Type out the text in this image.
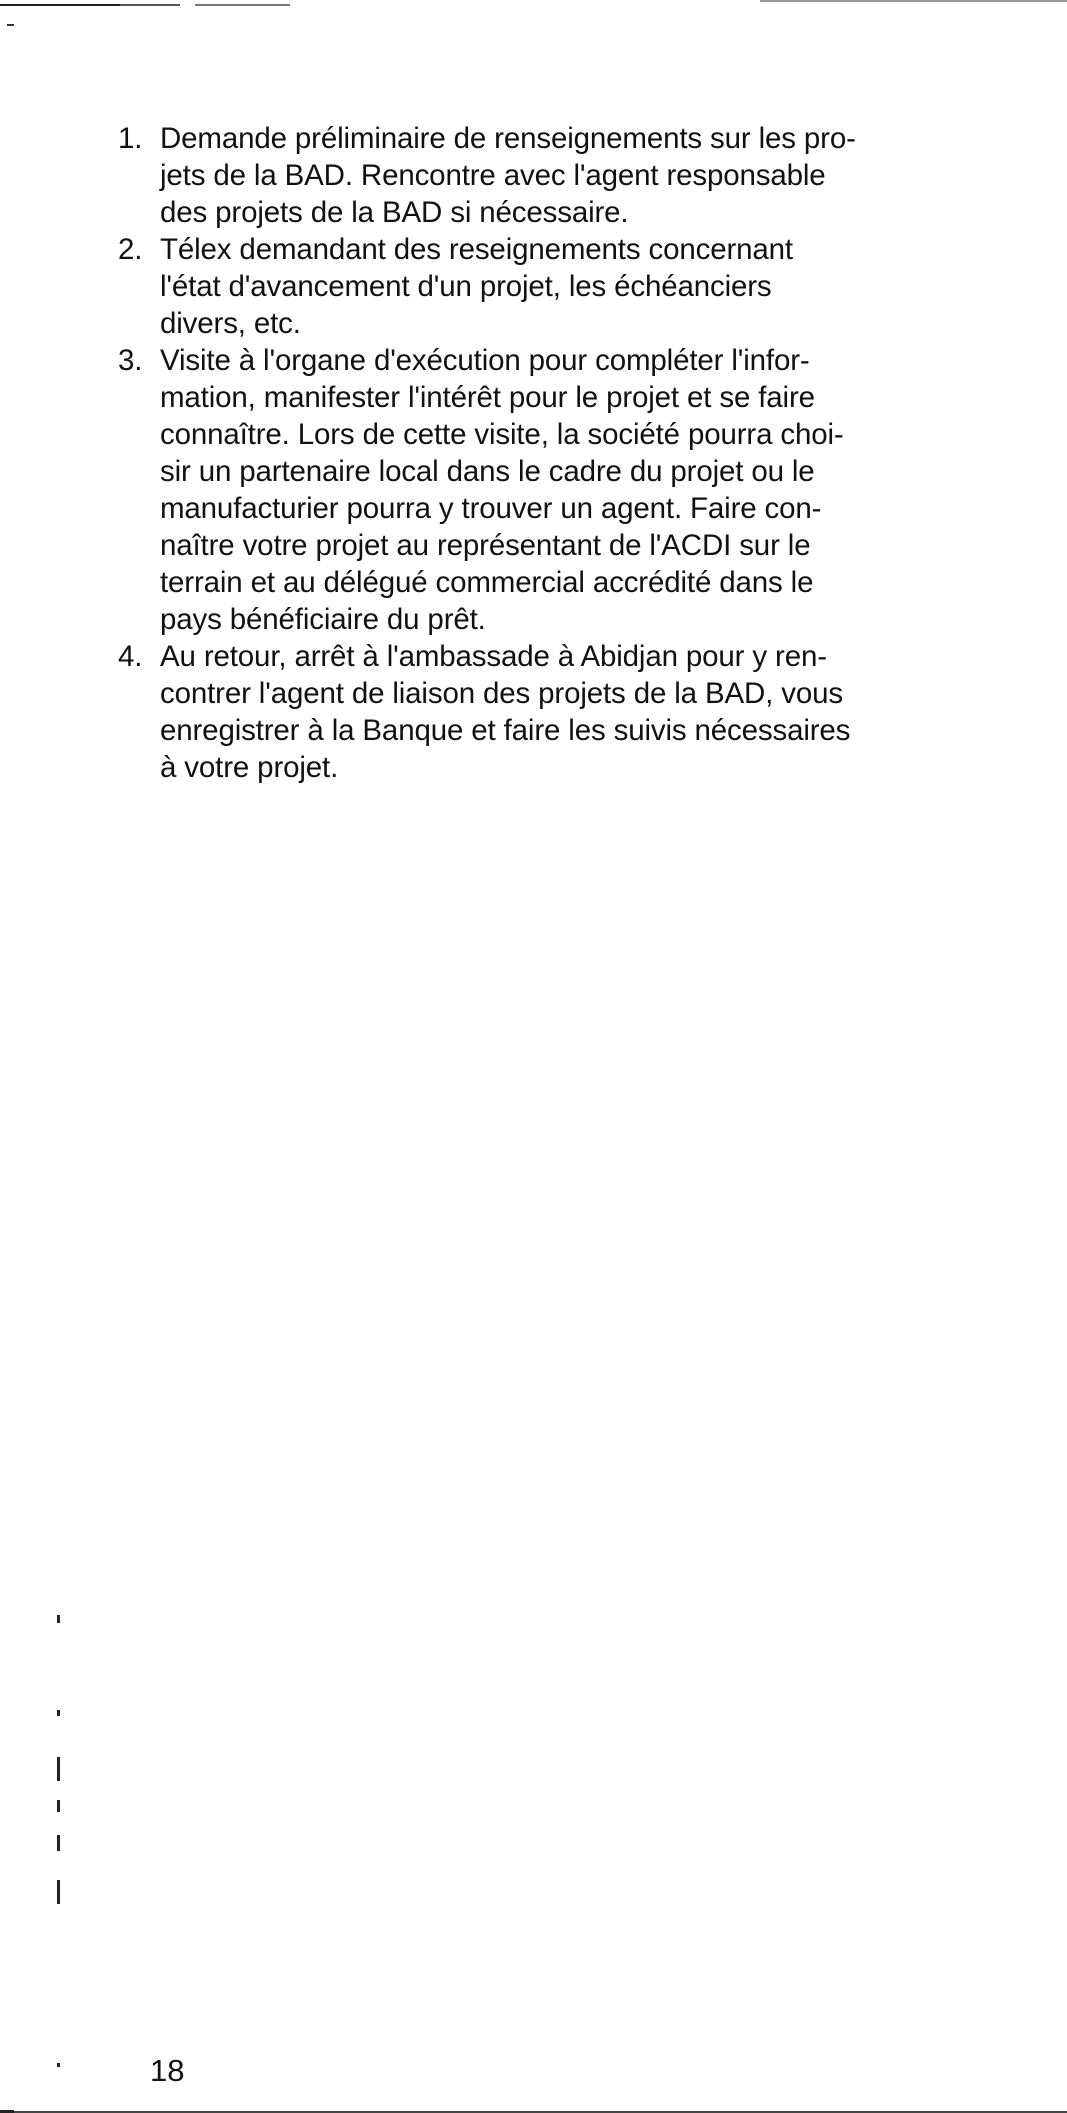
1. Demande préliminaire de renseignements sur les pro-
jets de la BAD. Rencontre avec l'agent responsable
des projets de la BAD si nécessaire.
2. Télex demandant des reseignements concernant
l'état d'avancement d'un projet, les échéanciers
divers, etc.
3. Visite à l'organe d'exécution pour compléter l'infor-
mation, manifester l'intérêt pour le projet et se faire
connaître. Lors de cette visite, la société pourra choi-
sir un partenaire local dans le cadre du projet ou le
manufacturier pourra y trouver un agent. Faire con-
naître votre projet au représentant de l'ACDI sur le
terrain et au délégué commercial accrédité dans le
pays bénéficiaire du prêt.
4. Au retour, arrêt à l'ambassade à Abidjan pour y ren-
contrer l'agent de liaison des projets de la BAD, vous
enregistrer à la Banque et faire les suivis nécessaires
à votre projet.
18
